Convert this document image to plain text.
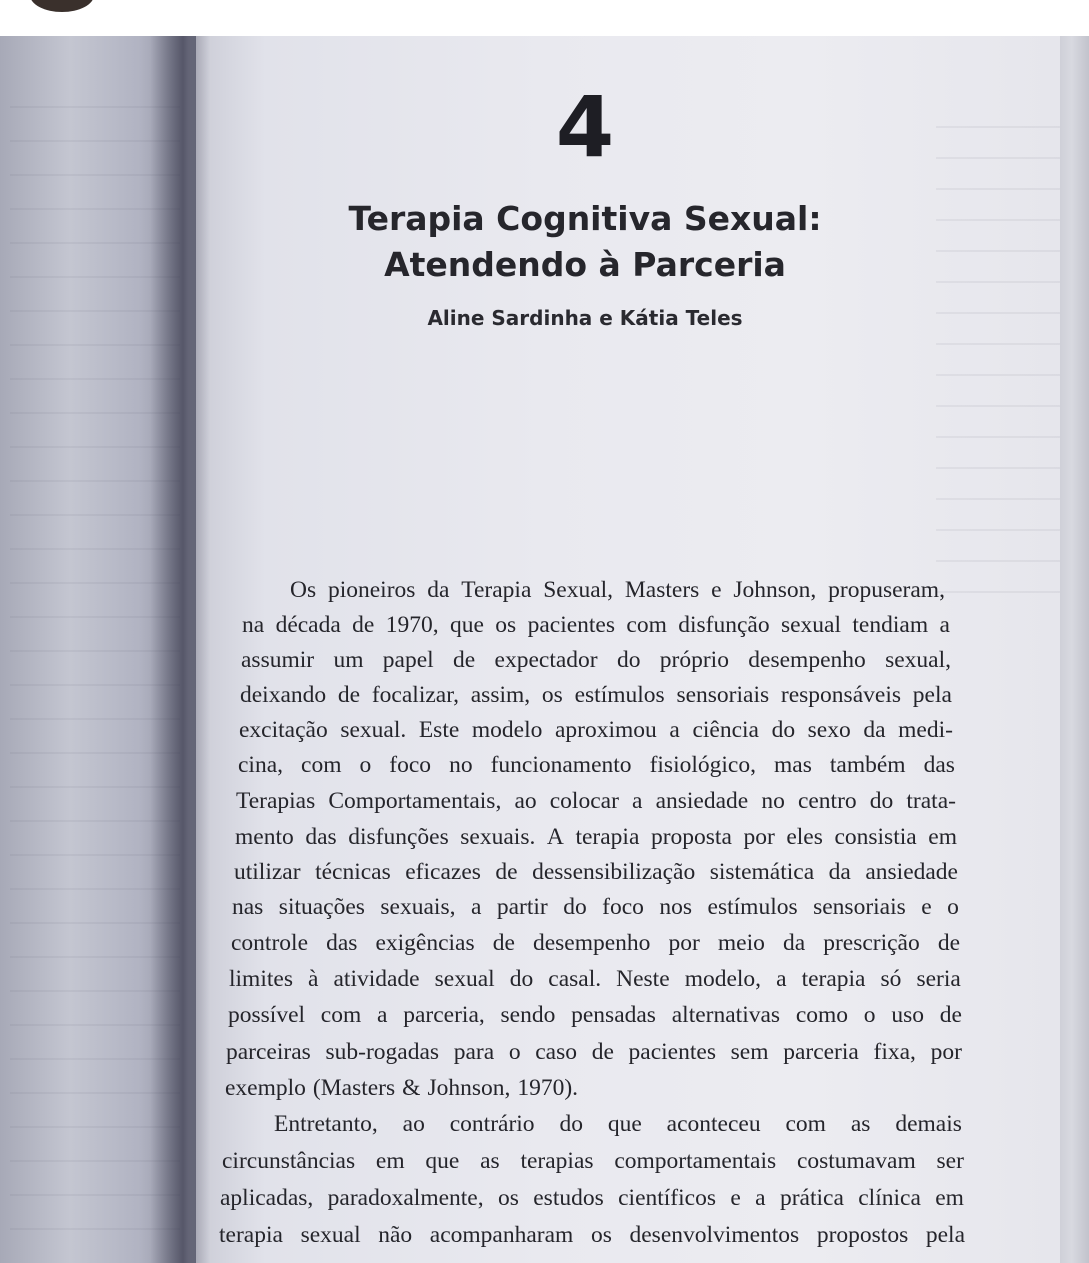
4
Terapia Cognitiva Sexual:
Atendendo à Parceria
Aline Sardinha e Kátia Teles
Os pioneiros da Terapia Sexual, Masters e Johnson, propuseram,
na década de 1970, que os pacientes com disfunção sexual tendiam a
assumir um papel de expectador do próprio desempenho sexual,
deixando de focalizar, assim, os estímulos sensoriais responsáveis pela
excitação sexual. Este modelo aproximou a ciência do sexo da medi-
cina, com o foco no funcionamento fisiológico, mas também das
Terapias Comportamentais, ao colocar a ansiedade no centro do trata-
mento das disfunções sexuais. A terapia proposta por eles consistia em
utilizar técnicas eficazes de dessensibilização sistemática da ansiedade
nas situações sexuais, a partir do foco nos estímulos sensoriais e o
controle das exigências de desempenho por meio da prescrição de
limites à atividade sexual do casal. Neste modelo, a terapia só seria
possível com a parceria, sendo pensadas alternativas como o uso de
parceiras sub-rogadas para o caso de pacientes sem parceria fixa, por
exemplo (Masters & Johnson, 1970).
Entretanto, ao contrário do que aconteceu com as demais
circunstâncias em que as terapias comportamentais costumavam ser
aplicadas, paradoxalmente, os estudos científicos e a prática clínica em
terapia sexual não acompanharam os desenvolvimentos propostos pela
